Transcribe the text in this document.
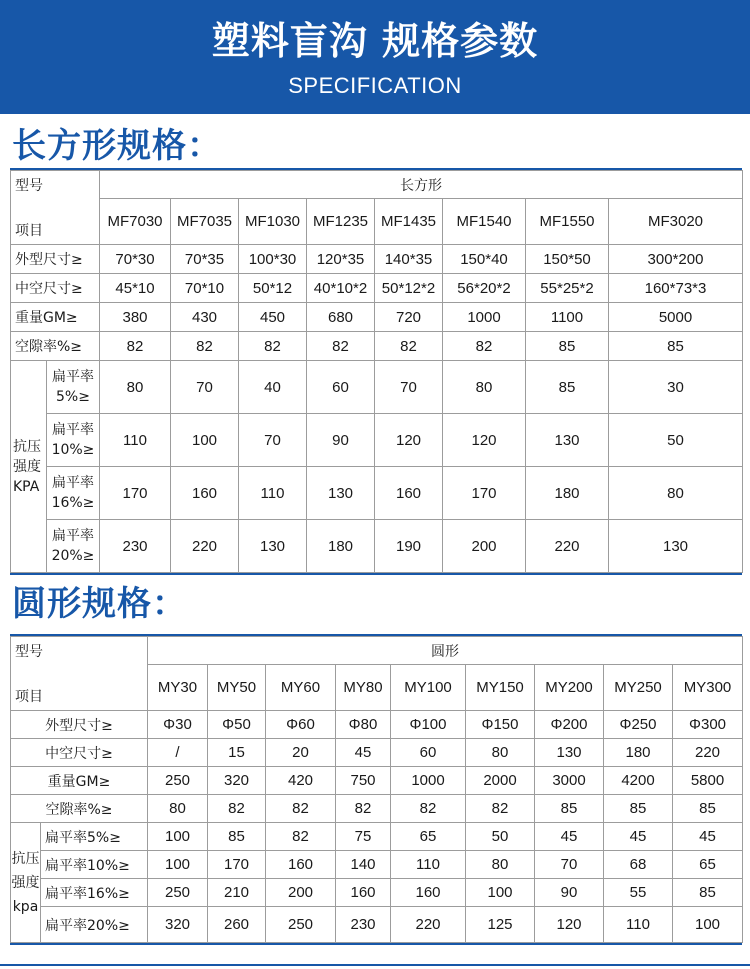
塑料盲沟 规格参数
SPECIFICATION
长方形规格：
型号
项目		长方形							
		MF7030	MF7035	MF1030	MF1235	MF1435	MF1540	MF1550	MF3020
外型尺寸≥		70*30	70*35	100*30	120*35	140*35	150*40	150*50	300*200
中空尺寸≥		45*10	70*10	50*12	40*10*2	50*12*2	56*20*2	55*25*2	160*73*3
重量GM≥		380	430	450	680	720	1000	1100	5000
空隙率%≥		82	82	82	82	82	82	85	85
抗压强度KPA	扁平率5%≥	80	70	40	60	70	80	85	30
	扁平率10%≥	110	100	70	90	120	120	130	50
	扁平率16%≥	170	160	110	130	160	170	180	80
	扁平率20%≥	230	220	130	180	190	200	220	130
圆形规格：
型号
项目		圆形								
		MY30	MY50	MY60	MY80	MY100	MY150	MY200	MY250	MY300
外型尺寸≥		Φ30	Φ50	Φ60	Φ80	Φ100	Φ150	Φ200	Φ250	Φ300
中空尺寸≥		/	15	20	45	60	80	130	180	220
重量GM≥		250	320	420	750	1000	2000	3000	4200	5800
空隙率%≥		80	82	82	82	82	82	85	85	85
抗压强度kpa	扁平率5%≥	100	85	82	75	65	50	45	45	45
	扁平率10%≥	100	170	160	140	110	80	70	68	65
	扁平率16%≥	250	210	200	160	160	100	90	55	85
	扁平率20%≥	320	260	250	230	220	125	120	110	100
